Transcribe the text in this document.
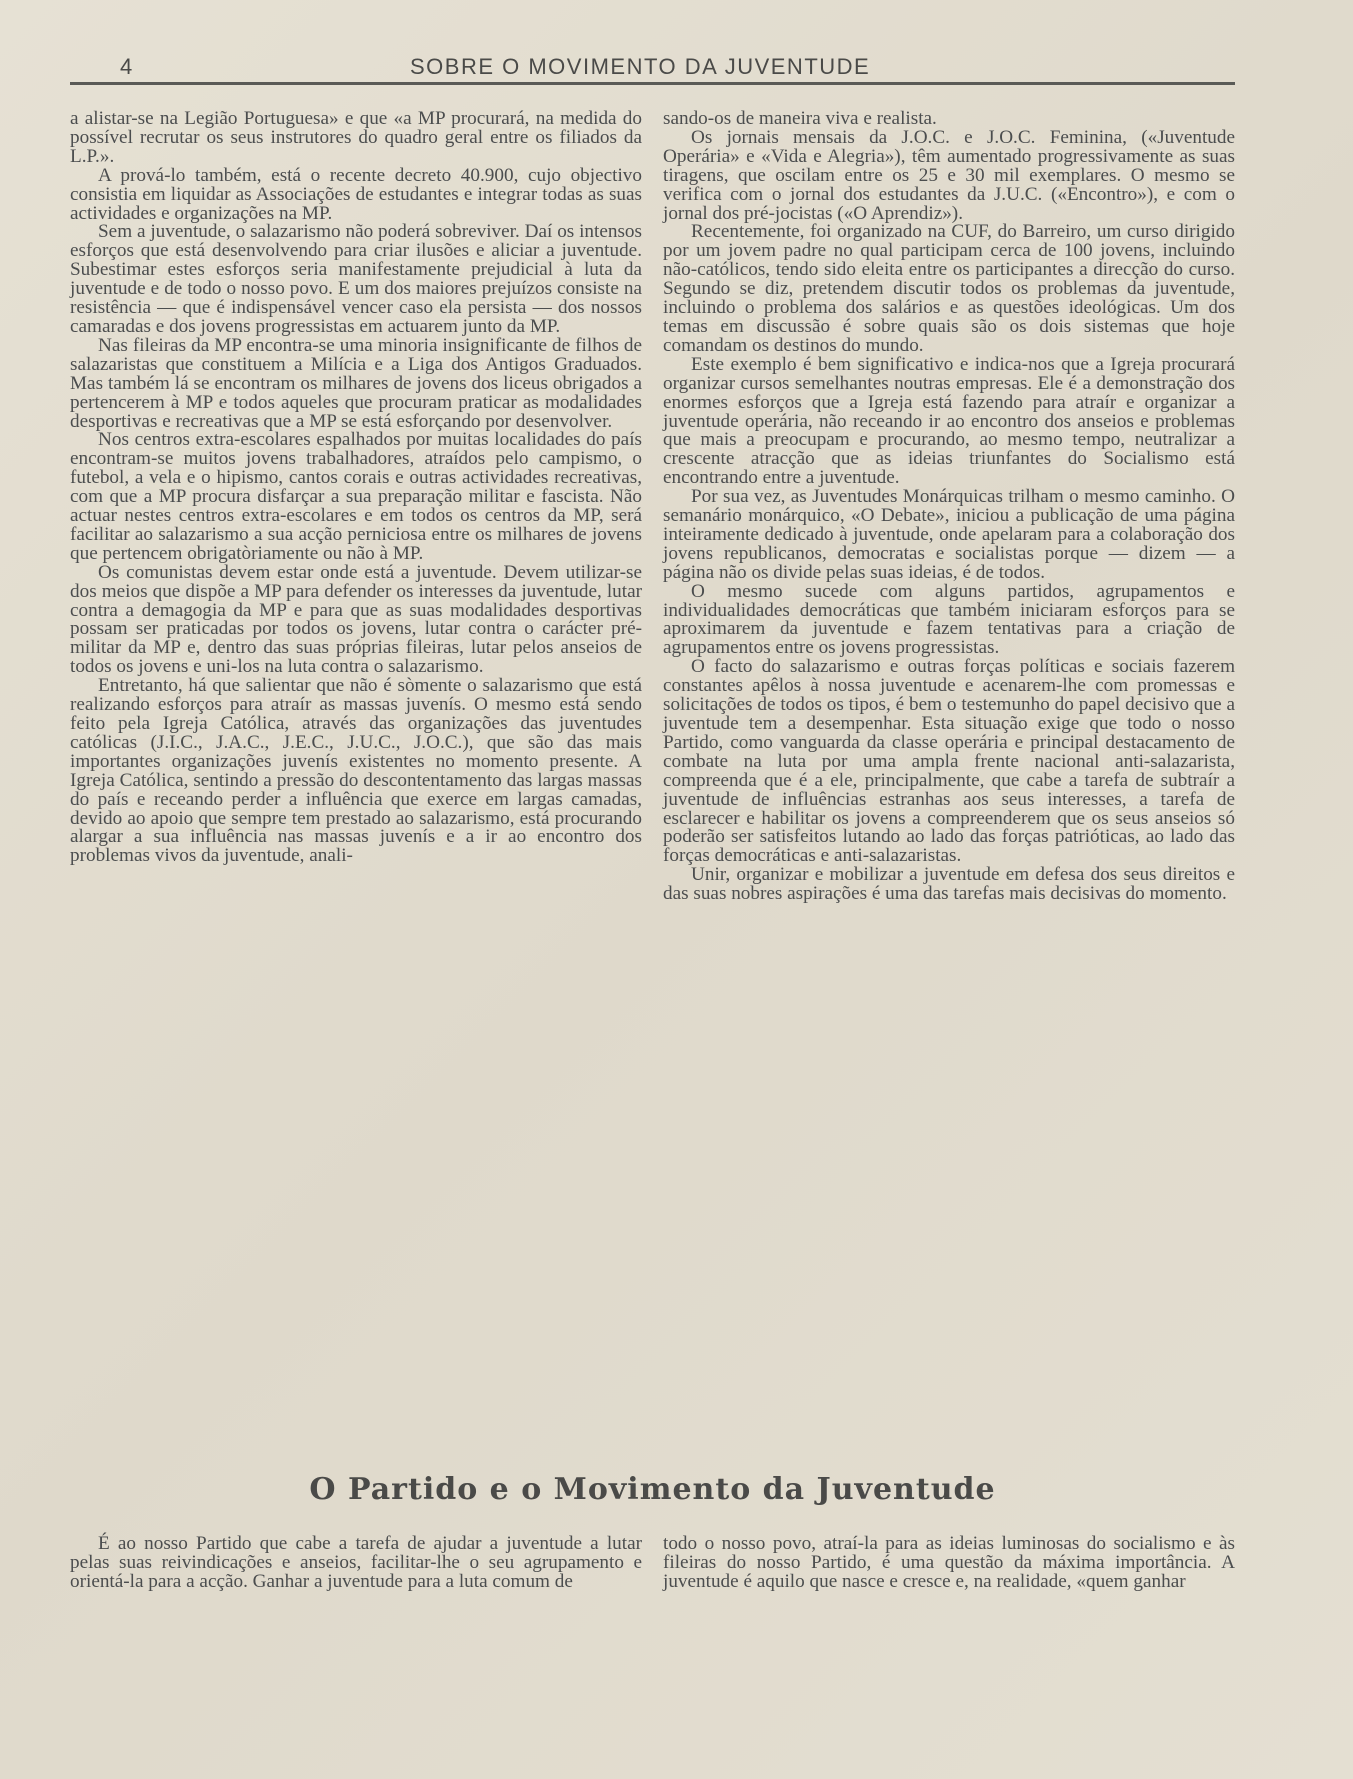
4	SOBRE O MOVIMENTO DA JUVENTUDE

a alistar-se na Legião Portuguesa» e que «a MP procurará, na medida do possível recrutar os seus instrutores do quadro geral entre os filiados da L.P.».

A prová-lo também, está o recente decreto 40.900, cujo objectivo consistia em liquidar as Associações de estudantes e integrar todas as suas actividades e organizações na MP.

Sem a juventude, o salazarismo não poderá sobreviver. Daí os intensos esforços que está desenvolvendo para criar ilusões e aliciar a juventude. Subestimar estes esforços seria manifestamente prejudicial à luta da juventude e de todo o nosso povo. E um dos maiores prejuízos consiste na resistência — que é indispensável vencer caso ela persista — dos nossos camaradas e dos jovens progressistas em actuarem junto da MP.

Nas fileiras da MP encontra-se uma minoria insignificante de filhos de salazaristas que constituem a Milícia e a Liga dos Antigos Graduados. Mas também lá se encontram os milhares de jovens dos liceus obrigados a pertencerem à MP e todos aqueles que procuram praticar as modalidades desportivas e recreativas que a MP se está esforçando por desenvolver.

Nos centros extra-escolares espalhados por muitas localidades do país encontram-se muitos jovens trabalhadores, atraídos pelo campismo, o futebol, a vela e o hipismo, cantos corais e outras actividades recreativas, com que a MP procura disfarçar a sua preparação militar e fascista. Não actuar nestes centros extra-escolares e em todos os centros da MP, será facilitar ao salazarismo a sua acção perniciosa entre os milhares de jovens que pertencem obrigatòriamente ou não à MP.

Os comunistas devem estar onde está a juventude. Devem utilizar-se dos meios que dispõe a MP para defender os interesses da juventude, lutar contra a demagogia da MP e para que as suas modalidades desportivas possam ser praticadas por todos os jovens, lutar contra o carácter pré-militar da MP e, dentro das suas próprias fileiras, lutar pelos anseios de todos os jovens e uni-los na luta contra o salazarismo.

Entretanto, há que salientar que não é sòmente o salazarismo que está realizando esforços para atraír as massas juvenís. O mesmo está sendo feito pela Igreja Católica, através das organizações das juventudes católicas (J.I.C., J.A.C., J.E.C., J.U.C., J.O.C.), que são das mais importantes organizações juvenís existentes no momento presente. A Igreja Católica, sentindo a pressão do descontentamento das largas massas do país e receando perder a influência que exerce em largas camadas, devido ao apoio que sempre tem prestado ao salazarismo, está procurando alargar a sua influência nas massas juvenís e a ir ao encontro dos problemas vivos da juventude, anali-

sando-os de maneira viva e realista.

Os jornais mensais da J.O.C. e J.O.C. Feminina, («Juventude Operária» e «Vida e Alegria»), têm aumentado progressivamente as suas tiragens, que oscilam entre os 25 e 30 mil exemplares. O mesmo se verifica com o jornal dos estudantes da J.U.C. («Encontro»), e com o jornal dos pré-jocistas («O Aprendiz»).

Recentemente, foi organizado na CUF, do Barreiro, um curso dirigido por um jovem padre no qual participam cerca de 100 jovens, incluindo não-católicos, tendo sido eleita entre os participantes a direcção do curso. Segundo se diz, pretendem discutir todos os problemas da juventude, incluindo o problema dos salários e as questões ideológicas. Um dos temas em discussão é sobre quais são os dois sistemas que hoje comandam os destinos do mundo.

Este exemplo é bem significativo e indica-nos que a Igreja procurará organizar cursos semelhantes noutras empresas. Ele é a demonstração dos enormes esforços que a Igreja está fazendo para atraír e organizar a juventude operária, não receando ir ao encontro dos anseios e problemas que mais a preocupam e procurando, ao mesmo tempo, neutralizar a crescente atracção que as ideias triunfantes do Socialismo está encontrando entre a juventude.

Por sua vez, as Juventudes Monárquicas trilham o mesmo caminho. O semanário monárquico, «O Debate», iniciou a publicação de uma página inteiramente dedicado à juventude, onde apelaram para a colaboração dos jovens republicanos, democratas e socialistas porque — dizem — a página não os divide pelas suas ideias, é de todos.

O mesmo sucede com alguns partidos, agrupamentos e individualidades democráticas que também iniciaram esforços para se aproximarem da juventude e fazem tentativas para a criação de agrupamentos entre os jovens progressistas.

O facto do salazarismo e outras forças políticas e sociais fazerem constantes apêlos à nossa juventude e acenarem-lhe com promessas e solicitações de todos os tipos, é bem o testemunho do papel decisivo que a juventude tem a desempenhar. Esta situação exige que todo o nosso Partido, como vanguarda da classe operária e principal destacamento de combate na luta por uma ampla frente nacional anti-salazarista, compreenda que é a ele, principalmente, que cabe a tarefa de subtraír a juventude de influências estranhas aos seus interesses, a tarefa de esclarecer e habilitar os jovens a compreenderem que os seus anseios só poderão ser satisfeitos lutando ao lado das forças patrióticas, ao lado das forças democráticas e anti-salazaristas.

Unir, organizar e mobilizar a juventude em defesa dos seus direitos e das suas nobres aspirações é uma das tarefas mais decisivas do momento.

O Partido e o Movimento da Juventude

É ao nosso Partido que cabe a tarefa de ajudar a juventude a lutar pelas suas reivindicações e anseios, facilitar-lhe o seu agrupamento e orientá-la para a acção. Ganhar a juventude para a luta comum de

todo o nosso povo, atraí-la para as ideias luminosas do socialismo e às fileiras do nosso Partido, é uma questão da máxima importância. A juventude é aquilo que nasce e cresce e, na realidade, «quem ganhar
